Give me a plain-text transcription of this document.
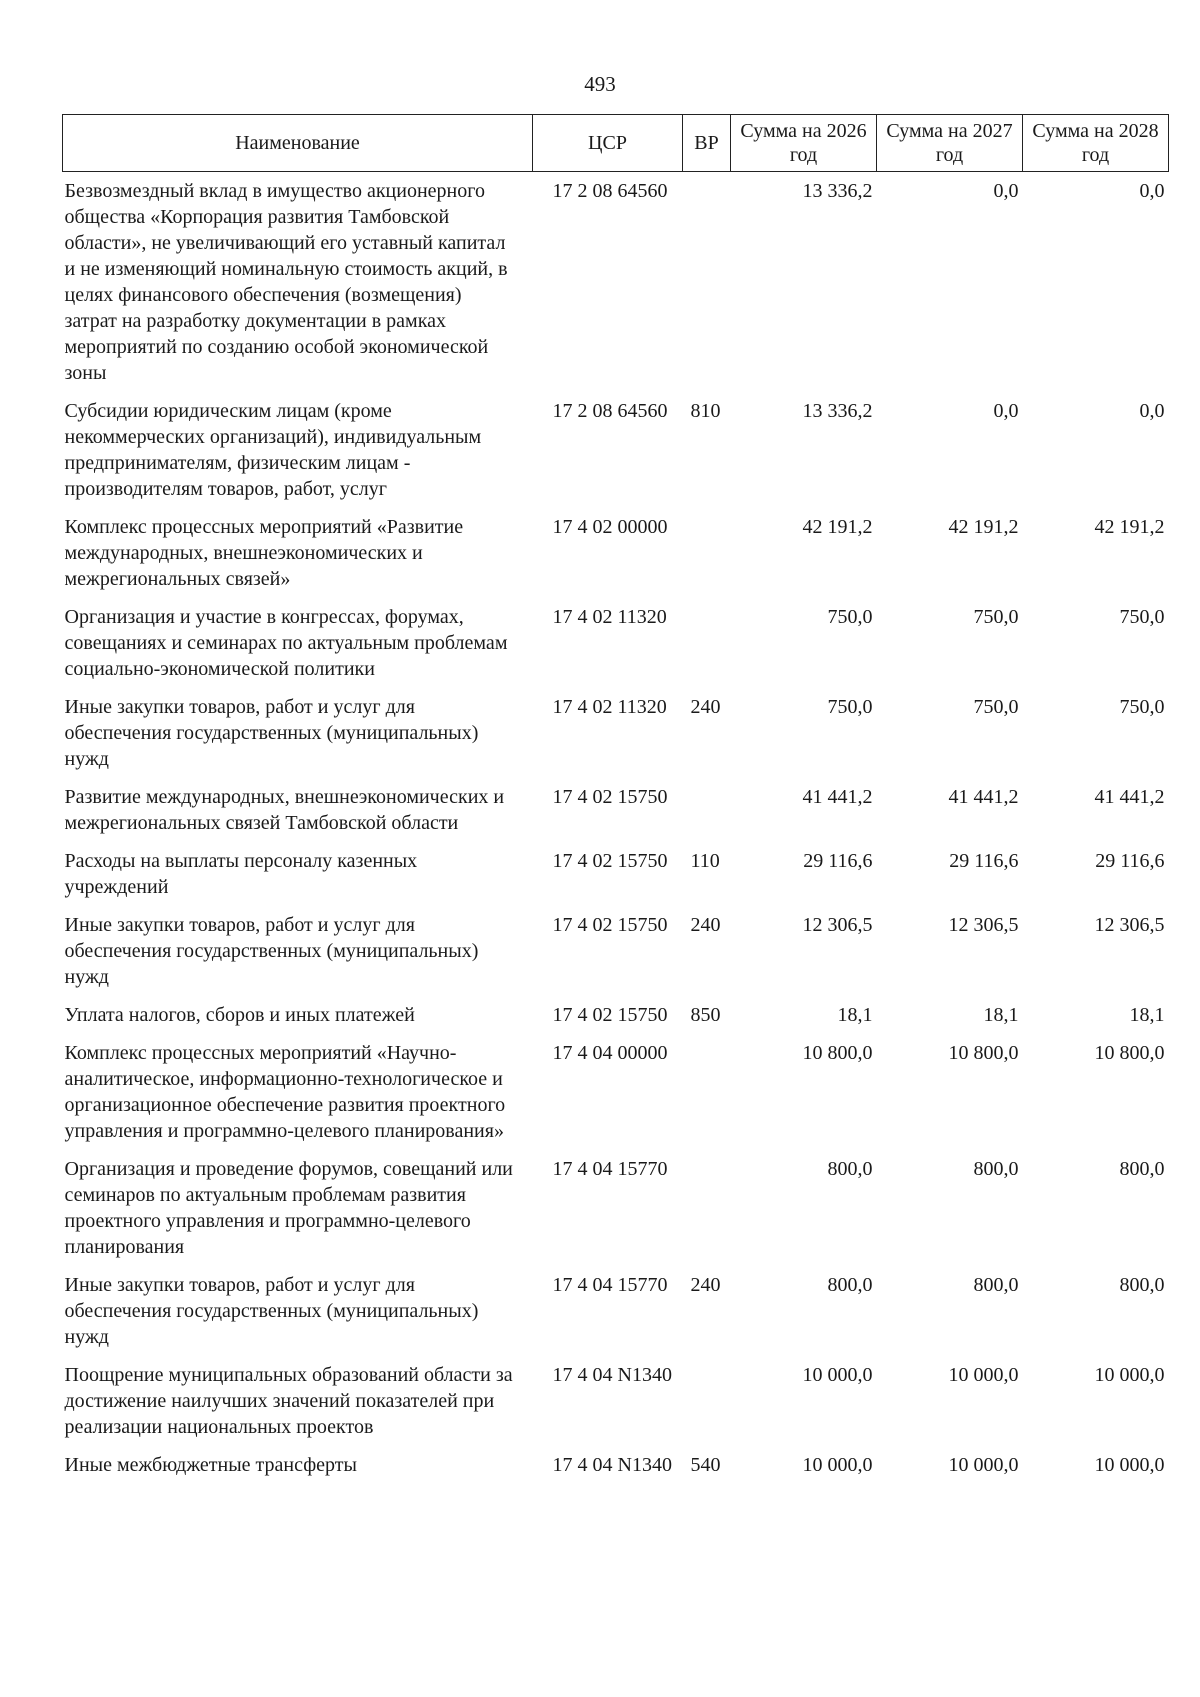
493
Наименование	ЦСР	ВР	Сумма на 2026 год	Сумма на 2027 год	Сумма на 2028 год
Безвозмездный вклад в имущество акционерного общества «Корпорация развития Тамбовской области», не увеличивающий его уставный капитал и не изменяющий номинальную стоимость акций, в целях финансового обеспечения (возмещения) затрат на разработку документации в рамках мероприятий по созданию особой экономической зоны	17 2 08 64560		13 336,2	0,0	0,0
Субсидии юридическим лицам (кроме некоммерческих организаций), индивидуальным предпринимателям, физическим лицам - производителям товаров, работ, услуг	17 2 08 64560	810	13 336,2	0,0	0,0
Комплекс процессных мероприятий «Развитие международных, внешнеэкономических и межрегиональных связей»	17 4 02 00000		42 191,2	42 191,2	42 191,2
Организация и участие в конгрессах, форумах, совещаниях и семинарах по актуальным проблемам социально-экономической политики	17 4 02 11320		750,0	750,0	750,0
Иные закупки товаров, работ и услуг для обеспечения государственных (муниципальных) нужд	17 4 02 11320	240	750,0	750,0	750,0
Развитие международных, внешнеэкономических и межрегиональных связей Тамбовской области	17 4 02 15750		41 441,2	41 441,2	41 441,2
Расходы на выплаты персоналу казенных учреждений	17 4 02 15750	110	29 116,6	29 116,6	29 116,6
Иные закупки товаров, работ и услуг для обеспечения государственных (муниципальных) нужд	17 4 02 15750	240	12 306,5	12 306,5	12 306,5
Уплата налогов, сборов и иных платежей	17 4 02 15750	850	18,1	18,1	18,1
Комплекс процессных мероприятий «Научно-аналитическое, информационно-технологическое и организационное обеспечение развития проектного управления и программно-целевого планирования»	17 4 04 00000		10 800,0	10 800,0	10 800,0
Организация и проведение форумов, совещаний или семинаров по актуальным проблемам развития проектного управления и программно-целевого планирования	17 4 04 15770		800,0	800,0	800,0
Иные закупки товаров, работ и услуг для обеспечения государственных (муниципальных) нужд	17 4 04 15770	240	800,0	800,0	800,0
Поощрение муниципальных образований области за достижение наилучших значений показателей при реализации национальных проектов	17 4 04 N1340		10 000,0	10 000,0	10 000,0
Иные межбюджетные трансферты	17 4 04 N1340	540	10 000,0	10 000,0	10 000,0
